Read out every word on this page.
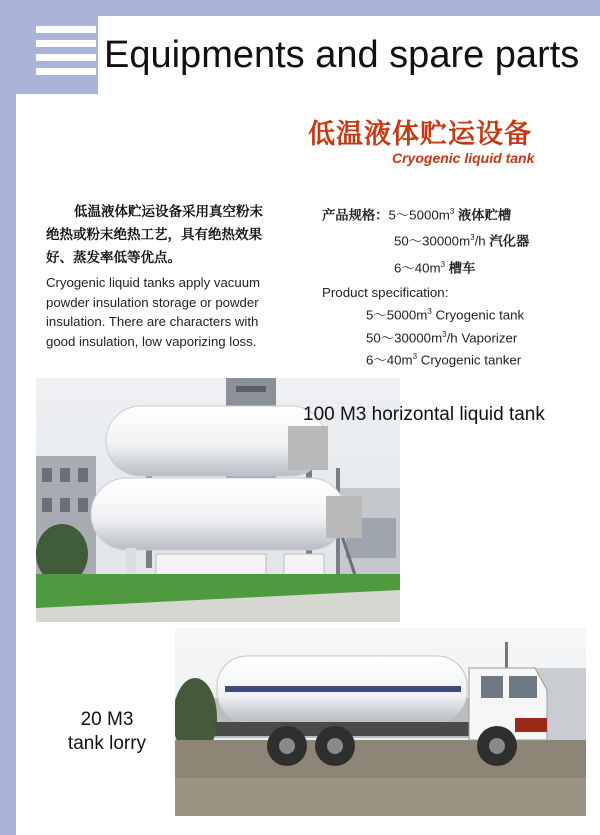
Equipments and spare parts
低温液体贮运设备
Cryogenic liquid tank
低温液体贮运设备采用真空粉末
绝热或粉末绝热工艺，具有绝热效果
好、蒸发率低等优点。
Cryogenic liquid tanks apply vacuum
powder insulation storage or powder
insulation. There are characters with
good insulation, low vaporizing loss.
产品规格：$5\sim 5000m^3$ 液体贮槽
$50\sim 30000m^3/h$ 汽化器
$6\sim 40m^3$ 槽车
Product specification:
$5\sim 5000m^3$ Cryogenic tank
$50\sim 30000m^3/h$ Vaporizer
$6\sim 40m^3$ Cryogenic tanker
100 M3 horizontal liquid tank
20 M3
tank lorry
